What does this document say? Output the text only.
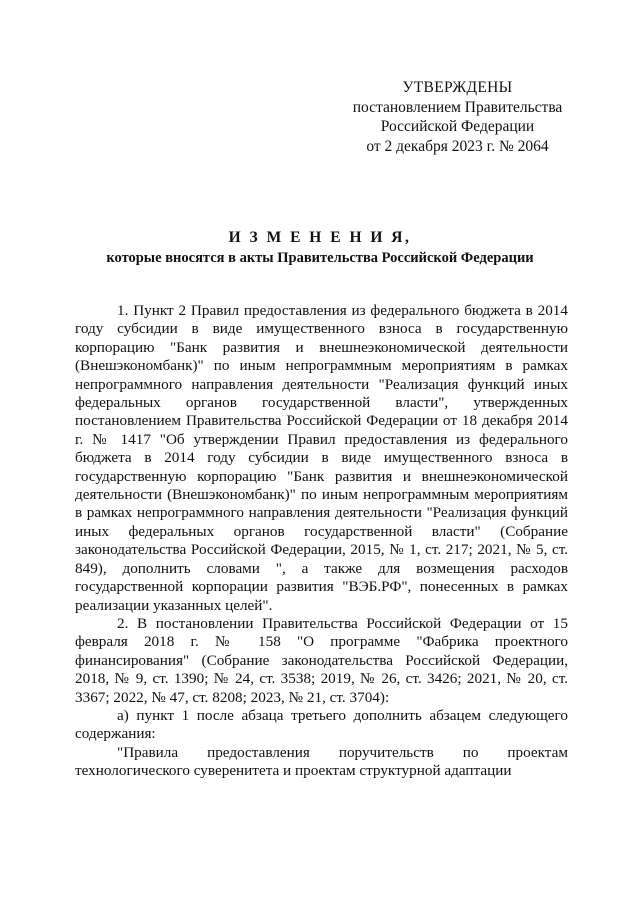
УТВЕРЖДЕНЫ
постановлением Правительства
Российской Федерации
от 2 декабря 2023 г. № 2064
И З М Е Н Е Н И Я,
которые вносятся в акты Правительства Российской Федерации

1. Пункт 2 Правил предоставления из федерального бюджета в 2014 году субсидии в виде имущественного взноса в государственную корпорацию "Банк развития и внешнеэкономической деятельности (Внешэкономбанк)" по иным непрограммным мероприятиям в рамках непрограммного направления деятельности "Реализация функций иных федеральных органов государственной власти", утвержденных постановлением Правительства Российской Федерации от 18 декабря 2014 г. № 1417 "Об утверждении Правил предоставления из федерального бюджета в 2014 году субсидии в виде имущественного взноса в государственную корпорацию "Банк развития и внешнеэкономической деятельности (Внешэкономбанк)" по иным непрограммным мероприятиям в рамках непрограммного направления деятельности "Реализация функций иных федеральных органов государственной власти" (Собрание законодательства Российской Федерации, 2015, № 1, ст. 217; 2021, № 5, ст. 849), дополнить словами ", а также для возмещения расходов государственной корпорации развития "ВЭБ.РФ", понесенных в рамках реализации указанных целей".

2. В постановлении Правительства Российской Федерации от 15 февраля 2018 г. № 158 "О программе "Фабрика проектного финансирования" (Собрание законодательства Российской Федерации, 2018, № 9, ст. 1390; № 24, ст. 3538; 2019, № 26, ст. 3426; 2021, № 20, ст. 3367; 2022, № 47, ст. 8208; 2023, № 21, ст. 3704):

а) пункт 1 после абзаца третьего дополнить абзацем следующего содержания:

"Правила предоставления поручительств по проектам технологического суверенитета и проектам структурной адаптации
